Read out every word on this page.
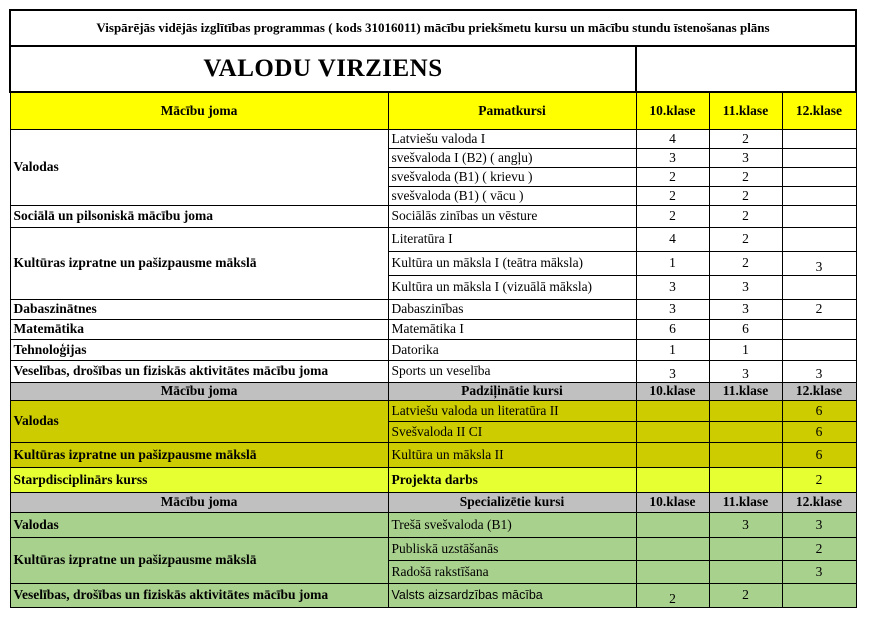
Vispārējās vidējās izglītības programmas ( kods 31016011) mācību priekšmetu kursu un mācību stundu īstenošanas plāns				
VALODU VIRZIENS				
Mācību joma	Pamatkursi	10.klase	11.klase	12.klase
Valodas	Latviešu valoda I	4	2	
	svešvaloda I (B2) ( angļu)	3	3	
	svešvaloda (B1) ( krievu )	2	2	
	svešvaloda (B1) ( vācu )	2	2	
Sociālā un pilsoniskā mācību joma	Sociālās zinības un vēsture	2	2	
Kultūras izpratne un pašizpausme mākslā	Literatūra I	4	2	
	Kultūra un māksla I (teātra māksla)	1	2	3
	Kultūra un māksla I (vizuālā māksla)	3	3	
Dabaszinātnes	Dabaszinības	3	3	2
Matemātika	Matemātika I	6	6	
Tehnoloģijas	Datorika	1	1	
Veselības, drošības un fiziskās aktivitātes mācību joma	Sports un veselība	3	3	3
Mācību joma	Padziļinātie kursi	10.klase	11.klase	12.klase
Valodas	Latviešu valoda un literatūra II			6
	Svešvaloda II CI			6
Kultūras izpratne un pašizpausme mākslā	Kultūra un māksla II			6
Starpdisciplinārs kurss	Projekta darbs			2
Mācību joma	Specializētie kursi	10.klase	11.klase	12.klase
Valodas	Trešā svešvaloda (B1)		3	3
Kultūras izpratne un pašizpausme mākslā	Publiskā uzstāšanās			2
	Radošā rakstīšana			3
Veselības, drošības un fiziskās aktivitātes mācību joma	Valsts aizsardzības mācība	2	2	
